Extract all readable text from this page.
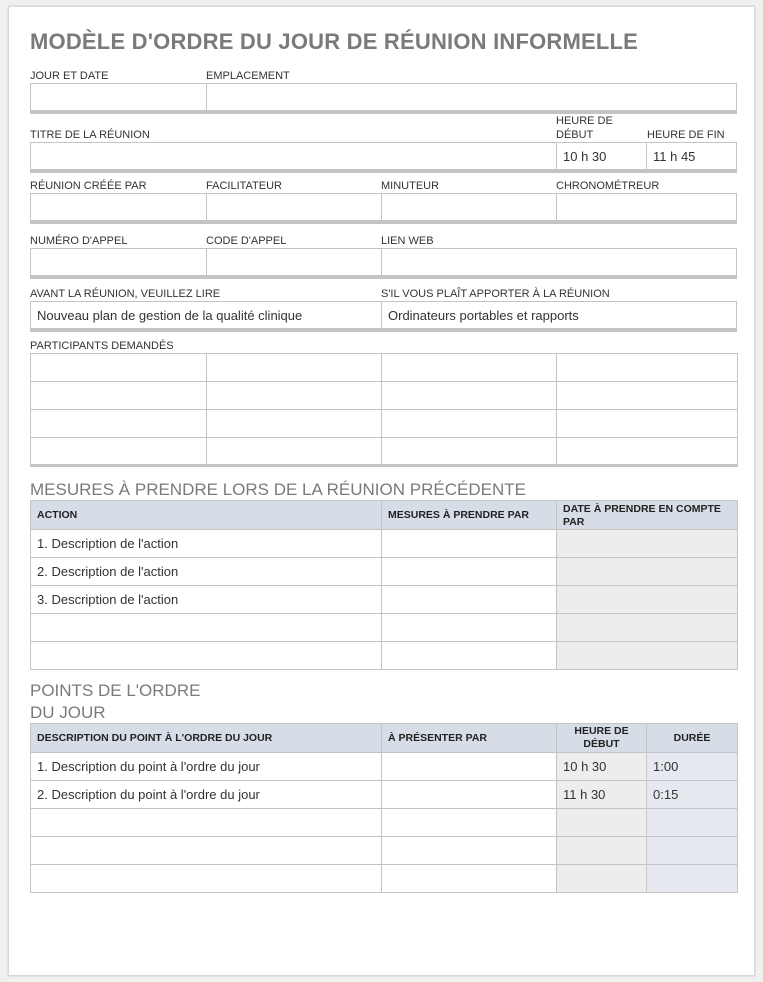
MODÈLE D'ORDRE DU JOUR DE RÉUNION INFORMELLE
JOUR ET DATE	EMPLACEMENT
TITRE DE LA RÉUNION
HEURE DE DÉBUT	HEURE DE FIN
10 h 30	11 h 45
RÉUNION CRÉÉE PAR	FACILITATEUR	MINUTEUR	CHRONOMÉTREUR
NUMÉRO D'APPEL	CODE D'APPEL	LIEN WEB
AVANT LA RÉUNION, VEUILLEZ LIRE	S'IL VOUS PLAÎT APPORTER À LA RÉUNION
Nouveau plan de gestion de la qualité clinique	Ordinateurs portables et rapports
PARTICIPANTS DEMANDÉS

MESURES À PRENDRE LORS DE LA RÉUNION PRÉCÉDENTE
ACTION	MESURES À PRENDRE PAR	DATE À PRENDRE EN COMPTE PAR
1. Description de l'action		
2. Description de l'action		
3. Description de l'action		

POINTS DE L'ORDRE
DU JOUR
DESCRIPTION DU POINT À L'ORDRE DU JOUR	À PRÉSENTER PAR	HEURE DE DÉBUT	DURÉE
1. Description du point à l'ordre du jour		10 h 30	1:00
2. Description du point à l'ordre du jour		11 h 30	0:15
